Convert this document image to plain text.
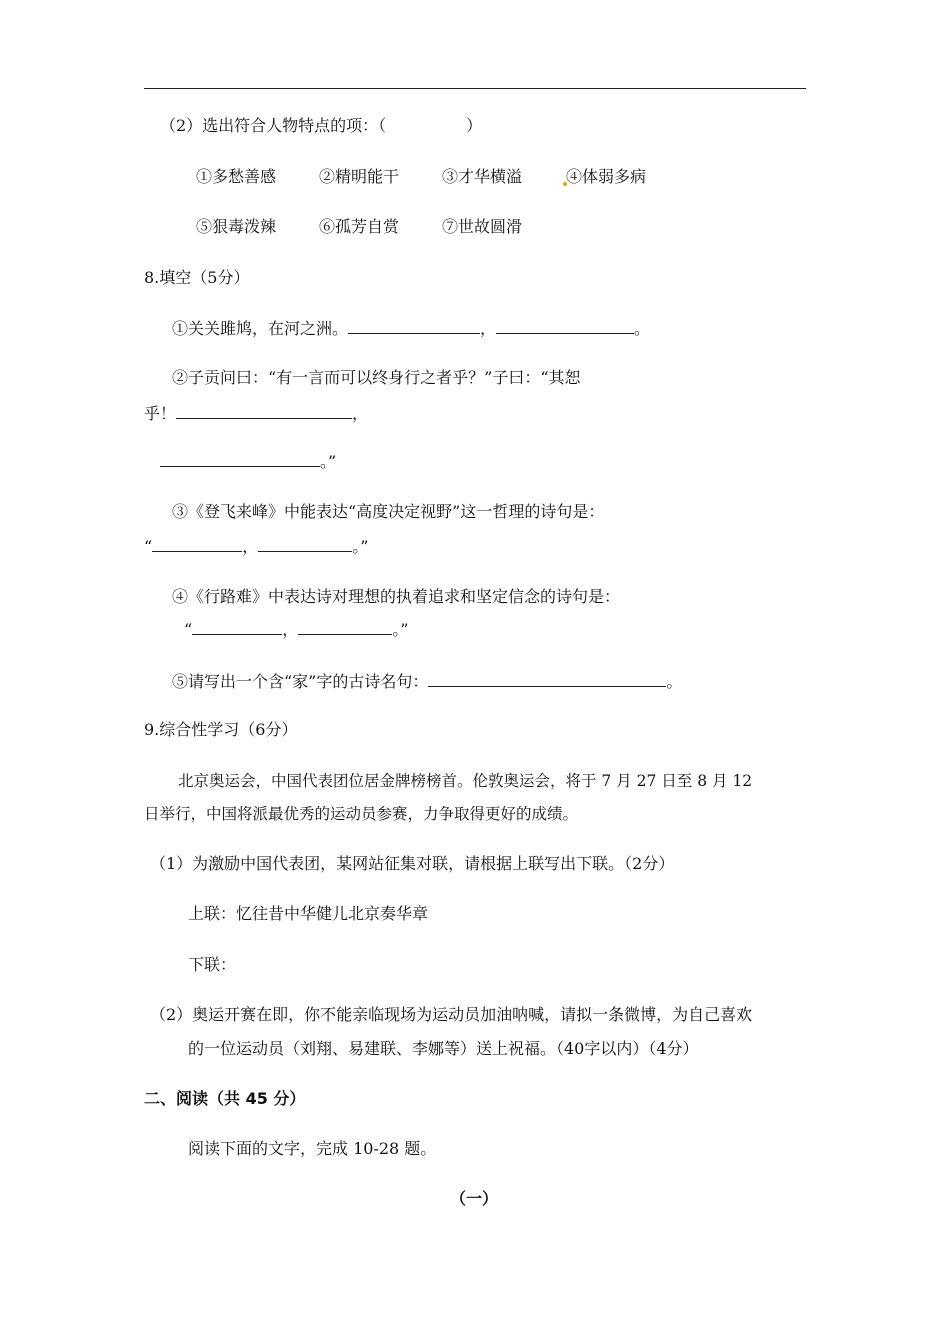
（2）选出符合人物特点的项：（　　　　　）
①多愁善感	②精明能干	③才华横溢	④体弱多病
⑤狠毒泼辣	⑥孤芳自赏	⑦世故圆滑
8.填空（5分）
①关关雎鸠，在河之洲。	，	。
②子贡问曰：“有一言而可以终身行之者乎？”子曰：“其恕
乎！	，
。”
③《登飞来峰》中能表达“高度决定视野”这一哲理的诗句是：
“	，	。”
④《行路难》中表达诗对理想的执着追求和坚定信念的诗句是：
“	，	。”
⑤请写出一个含“家”字的古诗名句：	。
9.综合性学习（6分）
北京奥运会，中国代表团位居金牌榜榜首。伦敦奥运会，将于 7 月 27 日至 8 月 12
日举行，中国将派最优秀的运动员参赛，力争取得更好的成绩。
（1）为激励中国代表团，某网站征集对联，请根据上联写出下联。（2分）
上联：忆往昔中华健儿北京奏华章
下联：
（2）奥运开赛在即，你不能亲临现场为运动员加油呐喊，请拟一条微博，为自己喜欢
的一位运动员（刘翔、易建联、李娜等）送上祝福。（40字以内）（4分）
二、阅读（共 45 分）
阅读下面的文字，完成 10-28 题。
（一）
